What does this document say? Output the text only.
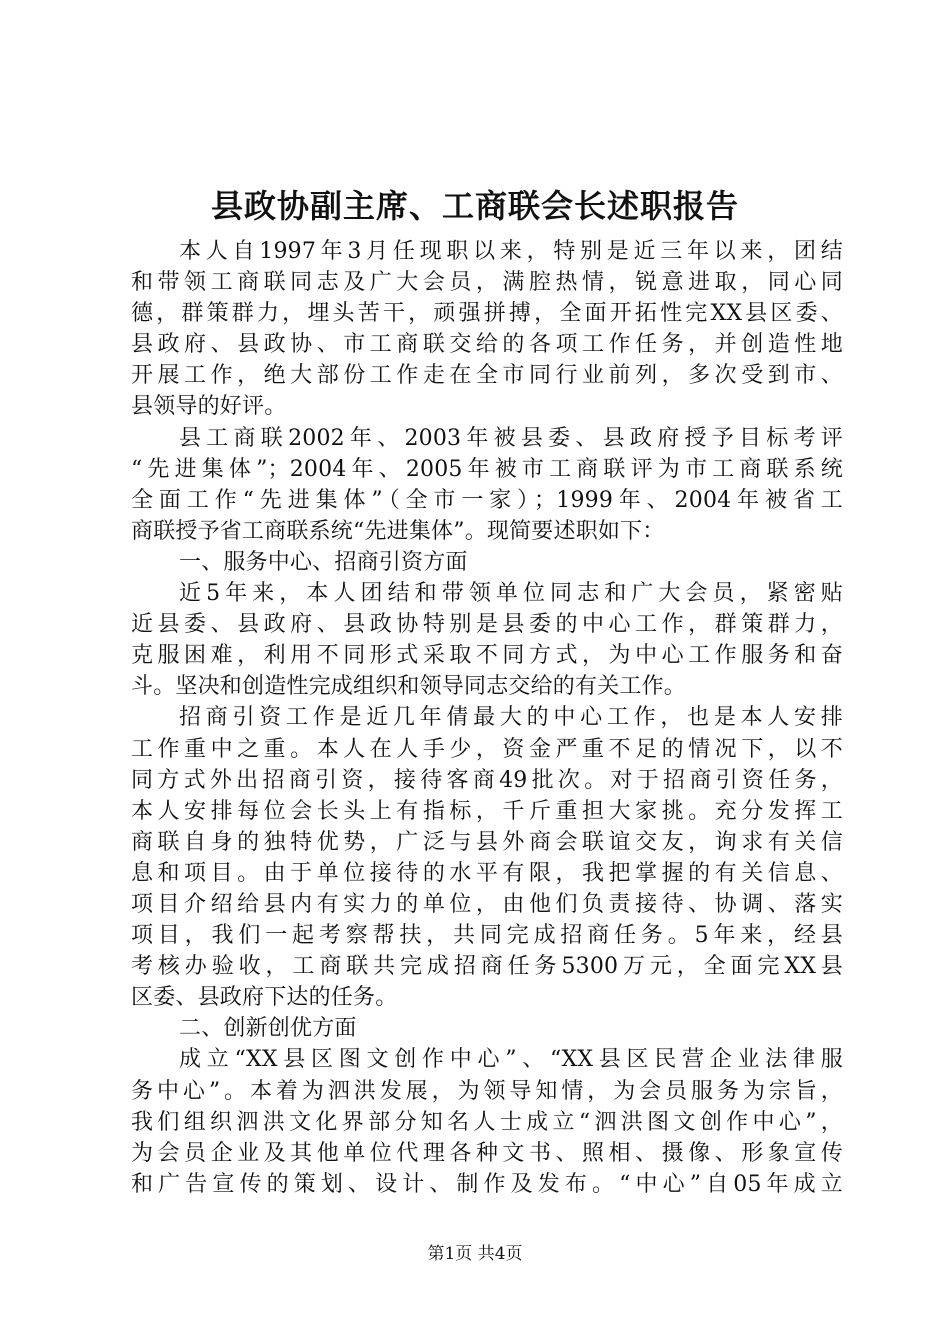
县政协副主席、工商联会长述职报告
本人自1997年3月任现职以来，特别是近三年以来，团结
和带领工商联同志及广大会员，满腔热情，锐意进取，同心同
德，群策群力，埋头苦干，顽强拼搏，全面开拓性完XX县区委、
县政府、县政协、市工商联交给的各项工作任务，并创造性地
开展工作，绝大部份工作走在全市同行业前列，多次受到市、
县领导的好评。
县工商联2002年、2003年被县委、县政府授予目标考评
“先进集体”；2004年、2005年被市工商联评为市工商联系统
全面工作“先进集体”（全市一家）；1999年、2004年被省工
商联授予省工商联系统“先进集体”。现简要述职如下：
一、服务中心、招商引资方面
近5年来，本人团结和带领单位同志和广大会员，紧密贴
近县委、县政府、县政协特别是县委的中心工作，群策群力，
克服困难，利用不同形式采取不同方式，为中心工作服务和奋
斗。坚决和创造性完成组织和领导同志交给的有关工作。
招商引资工作是近几年倩最大的中心工作，也是本人安排
工作重中之重。本人在人手少，资金严重不足的情况下，以不
同方式外出招商引资，接待客商49批次。对于招商引资任务，
本人安排每位会长头上有指标，千斤重担大家挑。充分发挥工
商联自身的独特优势，广泛与县外商会联谊交友，询求有关信
息和项目。由于单位接待的水平有限，我把掌握的有关信息、
项目介绍给县内有实力的单位，由他们负责接待、协调、落实
项目，我们一起考察帮扶，共同完成招商任务。5年来，经县
考核办验收，工商联共完成招商任务5300万元，全面完XX县
区委、县政府下达的任务。
二、创新创优方面
成立“XX县区图文创作中心”、“XX县区民营企业法律服
务中心”。本着为泗洪发展，为领导知情，为会员服务为宗旨，
我们组织泗洪文化界部分知名人士成立“泗洪图文创作中心”，
为会员企业及其他单位代理各种文书、照相、摄像、形象宣传
和广告宣传的策划、设计、制作及发布。“中心”自05年成立
第1页 共4页
